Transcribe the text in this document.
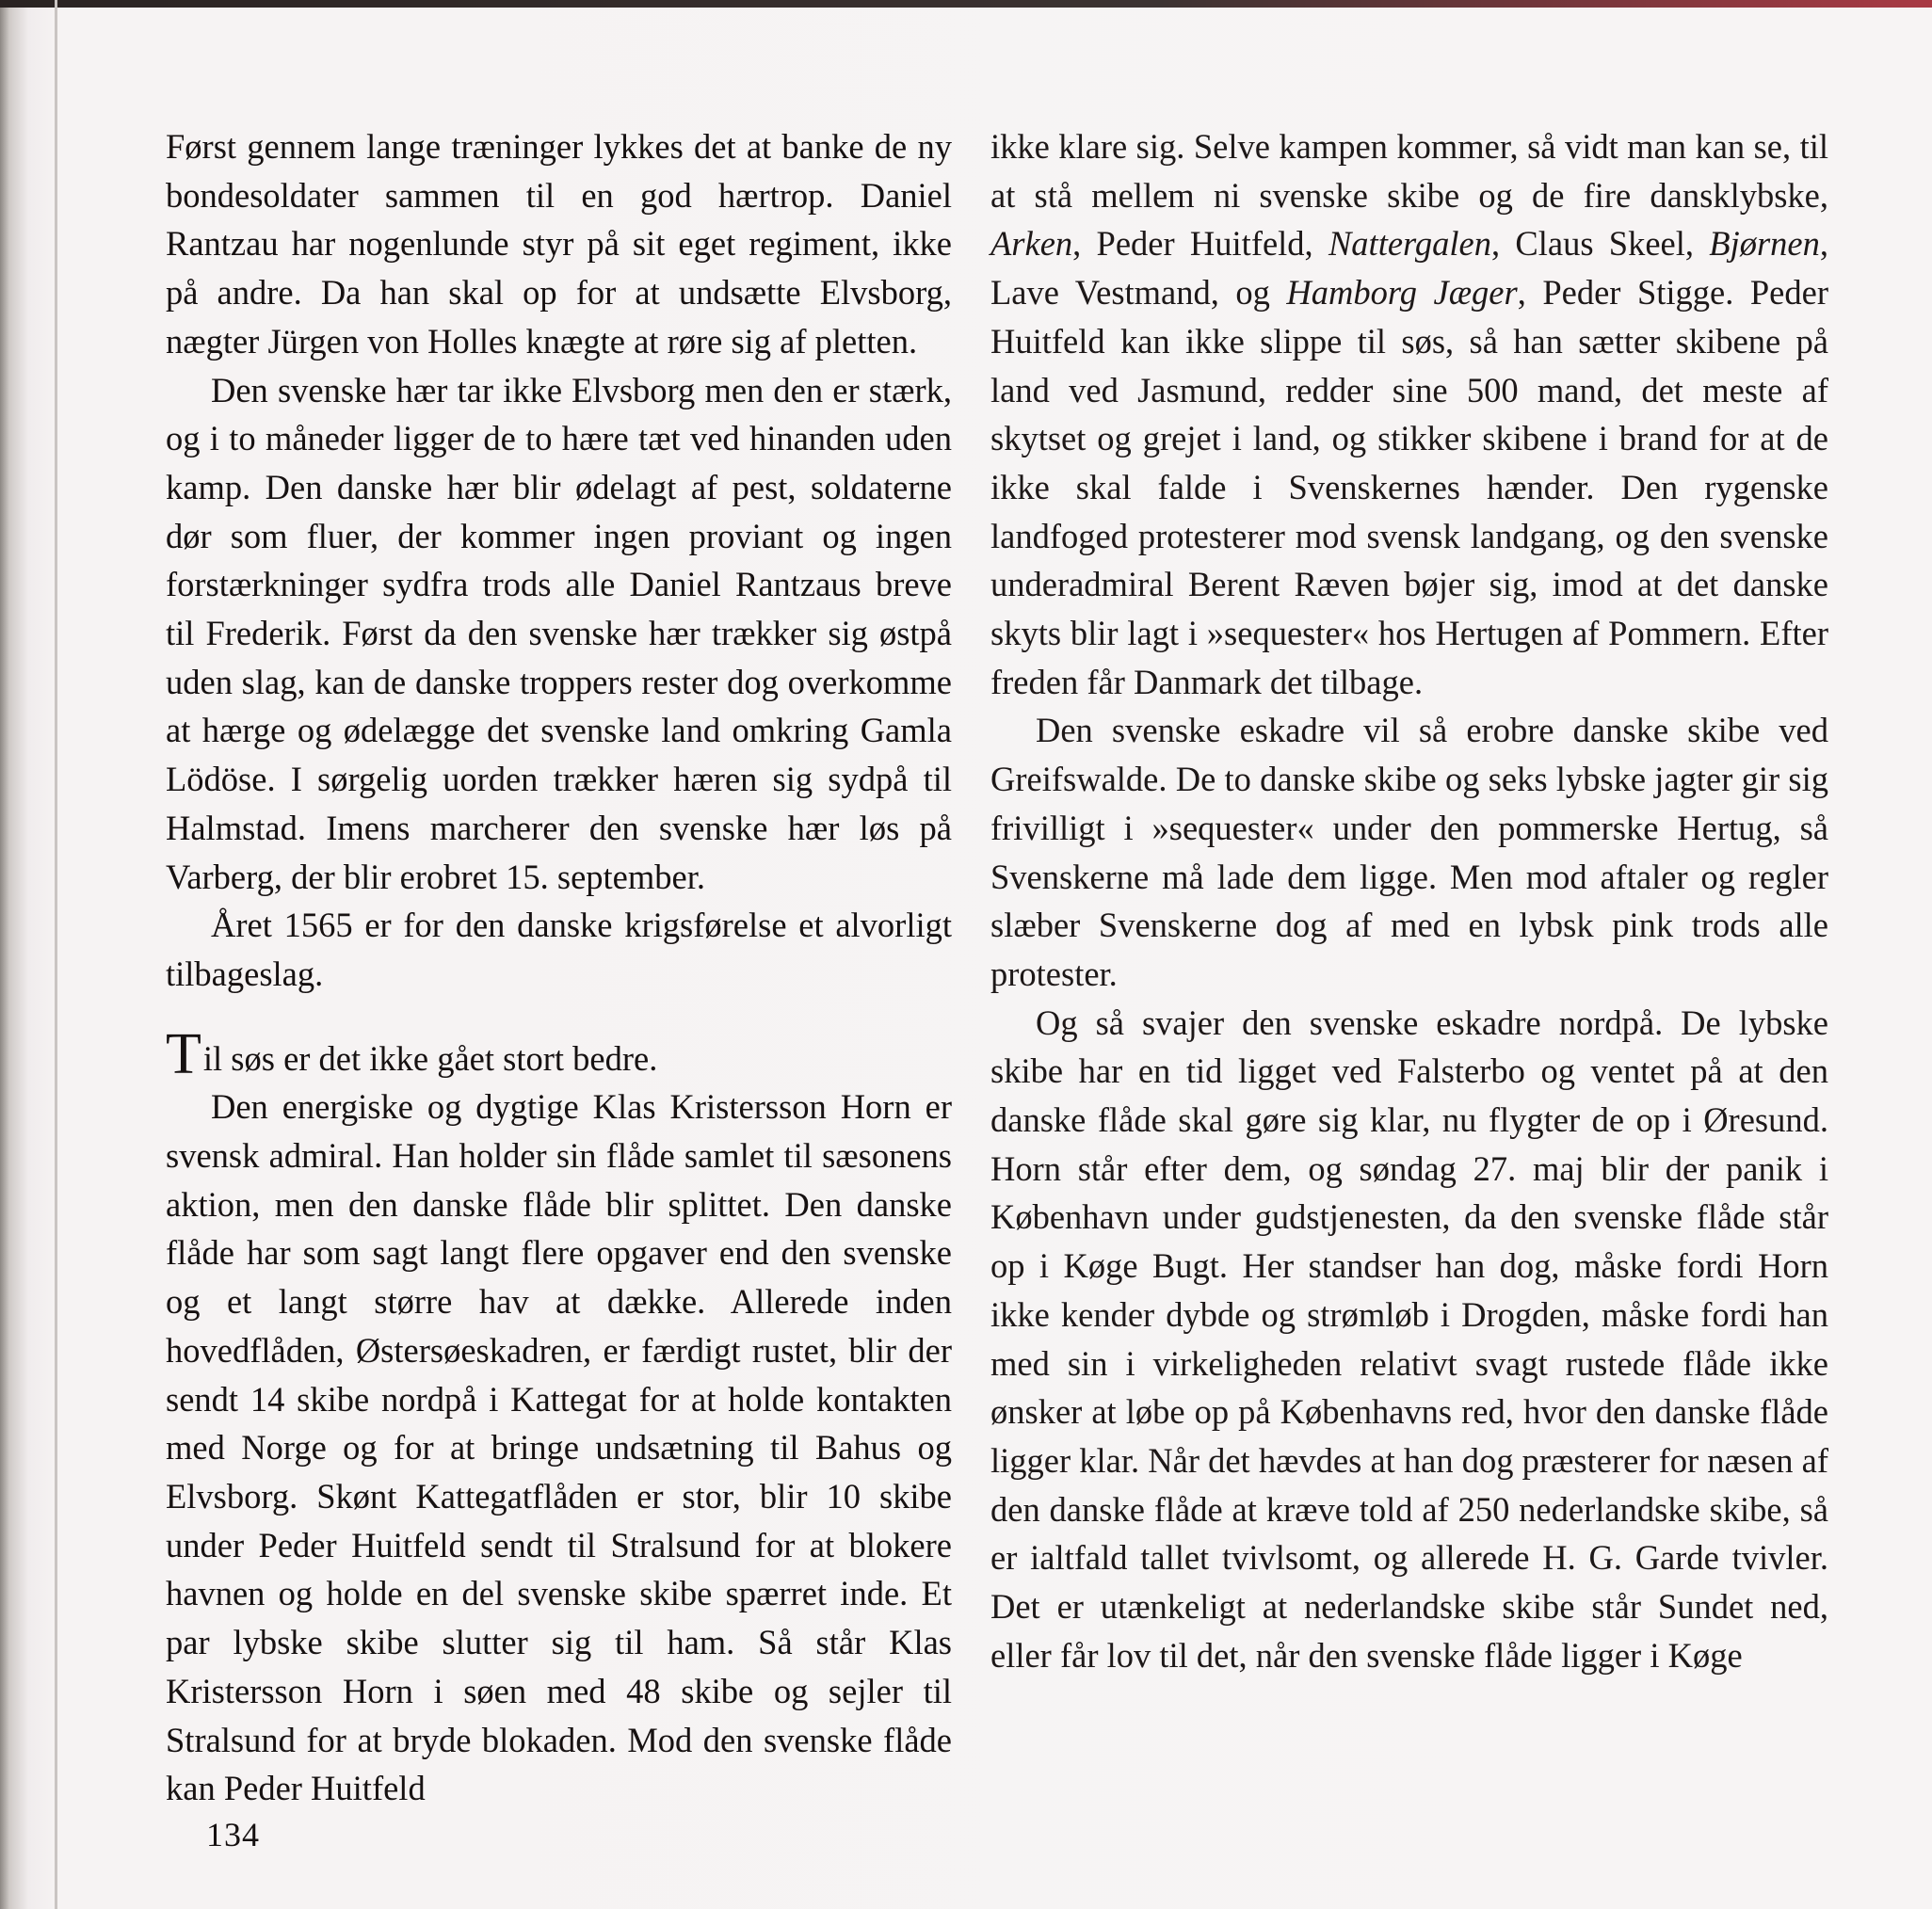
Først gennem lange træninger lykkes det at banke de ny bondesoldater sammen til en god hærtrop. Daniel Rantzau har nogenlunde styr på sit eget regiment, ikke på andre. Da han skal op for at undsætte Elvsborg, nægter Jürgen von Holles knægte at røre sig af pletten.

Den svenske hær tar ikke Elvsborg men den er stærk, og i to måneder ligger de to hære tæt ved hinanden uden kamp. Den danske hær blir ødelagt af pest, soldaterne dør som fluer, der kommer ingen proviant og ingen forstærkninger sydfra trods alle Daniel Rantzaus breve til Frederik. Først da den svenske hær trækker sig østpå uden slag, kan de danske troppers rester dog overkomme at hærge og ødelægge det svenske land omkring Gamla Lödöse. I sørgelig uorden trækker hæren sig sydpå til Halmstad. Imens marcherer den svenske hær løs på Varberg, der blir erobret 15. september.

Året 1565 er for den danske krigsførelse et alvorligt tilbageslag.

Til søs er det ikke gået stort bedre.

Den energiske og dygtige Klas Kristersson Horn er svensk admiral. Han holder sin flåde samlet til sæsonens aktion, men den danske flåde blir splittet. Den danske flåde har som sagt langt flere opgaver end den svenske og et langt større hav at dække. Allerede inden hovedflåden, Østersøeskadren, er færdigt rustet, blir der sendt 14 skibe nordpå i Kattegat for at holde kontakten med Norge og for at bringe undsætning til Bahus og Elvsborg. Skønt Kattegatflåden er stor, blir 10 skibe under Peder Huitfeld sendt til Stralsund for at blokere havnen og holde en del svenske skibe spærret inde. Et par lybske skibe slutter sig til ham. Så står Klas Kristersson Horn i søen med 48 skibe og sejler til Stralsund for at bryde blokaden. Mod den svenske flåde kan Peder Huitfeld

ikke klare sig. Selve kampen kommer, så vidt man kan se, til at stå mellem ni svenske skibe og de fire dansklybske, Arken, Peder Huitfeld, Nattergalen, Claus Skeel, Bjørnen, Lave Vestmand, og Hamborg Jæger, Peder Stigge. Peder Huitfeld kan ikke slippe til søs, så han sætter skibene på land ved Jasmund, redder sine 500 mand, det meste af skytset og grejet i land, og stikker skibene i brand for at de ikke skal falde i Svenskernes hænder. Den rygenske landfoged protesterer mod svensk landgang, og den svenske underadmiral Berent Ræven bøjer sig, imod at det danske skyts blir lagt i »sequester« hos Hertugen af Pommern. Efter freden får Danmark det tilbage.

Den svenske eskadre vil så erobre danske skibe ved Greifswalde. De to danske skibe og seks lybske jagter gir sig frivilligt i »sequester« under den pommerske Hertug, så Svenskerne må lade dem ligge. Men mod aftaler og regler slæber Svenskerne dog af med en lybsk pink trods alle protester.

Og så svajer den svenske eskadre nordpå. De lybske skibe har en tid ligget ved Falsterbo og ventet på at den danske flåde skal gøre sig klar, nu flygter de op i Øresund. Horn står efter dem, og søndag 27. maj blir der panik i København under gudstjenesten, da den svenske flåde står op i Køge Bugt. Her standser han dog, måske fordi Horn ikke kender dybde og strømløb i Drogden, måske fordi han med sin i virkeligheden relativt svagt rustede flåde ikke ønsker at løbe op på Københavns red, hvor den danske flåde ligger klar. Når det hævdes at han dog præsterer for næsen af den danske flåde at kræve told af 250 nederlandske skibe, så er ialtfald tallet tvivlsomt, og allerede H. G. Garde tvivler. Det er utænkeligt at nederlandske skibe står Sundet ned, eller får lov til det, når den svenske flåde ligger i Køge

134
